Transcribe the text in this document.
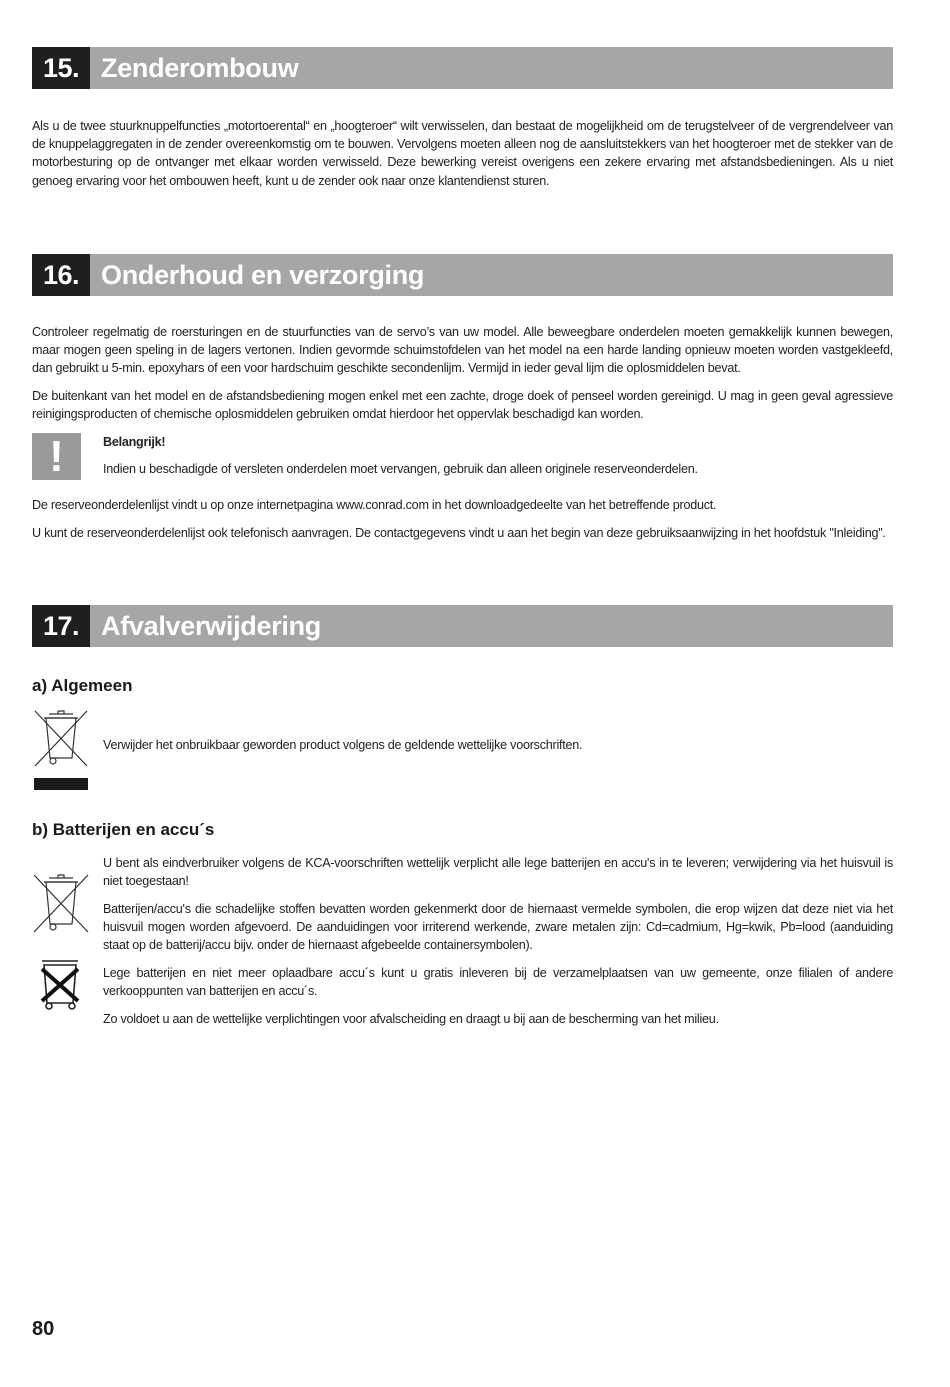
15. Zenderombouw

Als u de twee stuurknuppelfuncties „motortoerental“ en „hoogteroer“ wilt verwisselen, dan bestaat de mogelijkheid om de terugstelveer of de vergrendelveer van de knuppelaggregaten in de zender overeenkomstig om te bouwen. Vervolgens moeten alleen nog de aansluitstekkers van het hoogteroer met de stekker van de motorbesturing op de ontvanger met elkaar worden verwisseld. Deze bewerking vereist overigens een zekere ervaring met afstandsbedieningen. Als u niet genoeg ervaring voor het ombouwen heeft, kunt u de zender ook naar onze klantendienst sturen.

16. Onderhoud en verzorging

Controleer regelmatig de roersturingen en de stuurfuncties van de servo’s van uw model. Alle beweegbare onderdelen moeten gemakkelijk kunnen bewegen, maar mogen geen speling in de lagers vertonen. Indien gevormde schuimstofdelen van het model na een harde landing opnieuw moeten worden vastgekleefd, dan gebruikt u 5-min. epoxyhars of een voor hardschuim geschikte secondenlijm. Vermijd in ieder geval lijm die oplosmiddelen bevat.

De buitenkant van het model en de afstandsbediening mogen enkel met een zachte, droge doek of penseel worden gereinigd. U mag in geen geval agressieve reinigingsproducten of chemische oplosmiddelen gebruiken omdat hierdoor het oppervlak beschadigd kan worden.

!	Belangrijk!

Indien u beschadigde of versleten onderdelen moet vervangen, gebruik dan alleen originele reserveonderdelen.

De reserveonderdelenlijst vindt u op onze internetpagina www.conrad.com in het downloadgedeelte van het betreffende product.

U kunt de reserveonderdelenlijst ook telefonisch aanvragen. De contactgegevens vindt u aan het begin van deze gebruiksaanwijzing in het hoofdstuk "Inleiding".

17. Afvalverwijdering

a) Algemeen

Verwijder het onbruikbaar geworden product volgens de geldende wettelijke voorschriften.

b) Batterijen en accu´s

U bent als eindverbruiker volgens de KCA-voorschriften wettelijk verplicht alle lege batterijen en accu's in te leveren; verwijdering via het huisvuil is niet toegestaan!

Batterijen/accu's die schadelijke stoffen bevatten worden gekenmerkt door de hiernaast vermelde symbolen, die erop wijzen dat deze niet via het huisvuil mogen worden afgevoerd. De aanduidingen voor irriterend werkende, zware metalen zijn: Cd=cadmium, Hg=kwik, Pb=lood (aanduiding staat op de batterij/accu bijv. onder de hiernaast afgebeelde containersymbolen).

Lege batterijen en niet meer oplaadbare accu´s kunt u gratis inleveren bij de verzamelplaatsen van uw gemeente, onze filialen of andere verkooppunten van batterijen en accu´s.

Zo voldoet u aan de wettelijke verplichtingen voor afvalscheiding en draagt u bij aan de bescherming van het milieu.

80
